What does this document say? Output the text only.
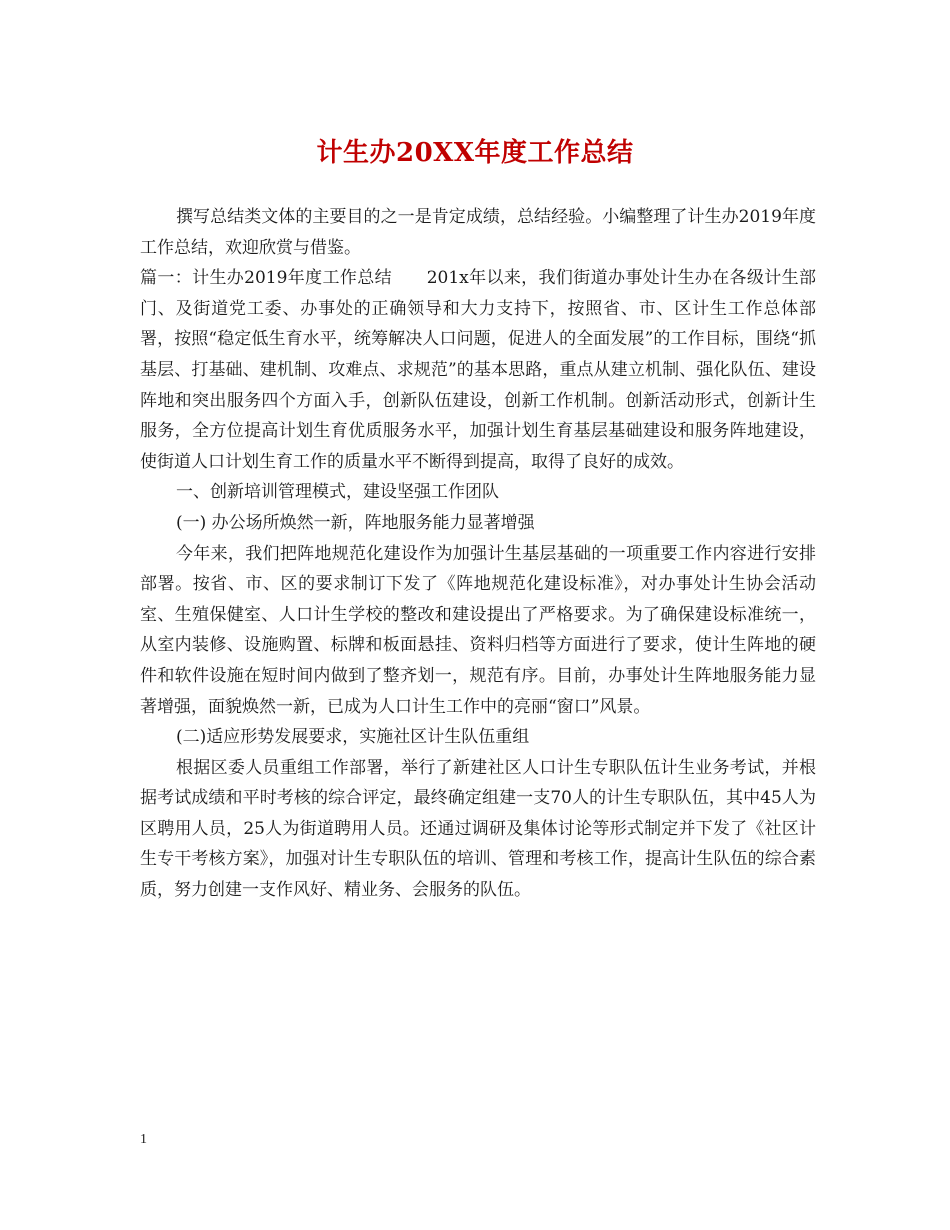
计生办20XX年度工作总结

撰写总结类文体的主要目的之一是肯定成绩，总结经验。小编整理了计生办2019年度工作总结，欢迎欣赏与借鉴。

篇一：计生办2019年度工作总结　　201x年以来，我们街道办事处计生办在各级计生部门、及街道党工委、办事处的正确领导和大力支持下，按照省、市、区计生工作总体部署，按照“稳定低生育水平，统筹解决人口问题，促进人的全面发展”的工作目标，围绕“抓基层、打基础、建机制、攻难点、求规范”的基本思路，重点从建立机制、强化队伍、建设阵地和突出服务四个方面入手，创新队伍建设，创新工作机制。创新活动形式，创新计生服务，全方位提高计划生育优质服务水平，加强计划生育基层基础建设和服务阵地建设，使街道人口计划生育工作的质量水平不断得到提高，取得了良好的成效。

一、创新培训管理模式，建设坚强工作团队

(一) 办公场所焕然一新，阵地服务能力显著增强

今年来，我们把阵地规范化建设作为加强计生基层基础的一项重要工作内容进行安排部署。按省、市、区的要求制订下发了《阵地规范化建设标准》，对办事处计生协会活动室、生殖保健室、人口计生学校的整改和建设提出了严格要求。为了确保建设标准统一，从室内装修、设施购置、标牌和板面悬挂、资料归档等方面进行了要求，使计生阵地的硬件和软件设施在短时间内做到了整齐划一，规范有序。目前，办事处计生阵地服务能力显著增强，面貌焕然一新，已成为人口计生工作中的亮丽“窗口”风景。

(二)适应形势发展要求，实施社区计生队伍重组

根据区委人员重组工作部署，举行了新建社区人口计生专职队伍计生业务考试，并根据考试成绩和平时考核的综合评定，最终确定组建一支70人的计生专职队伍，其中45人为区聘用人员，25人为街道聘用人员。还通过调研及集体讨论等形式制定并下发了《社区计生专干考核方案》，加强对计生专职队伍的培训、管理和考核工作，提高计生队伍的综合素质，努力创建一支作风好、精业务、会服务的队伍。

1
